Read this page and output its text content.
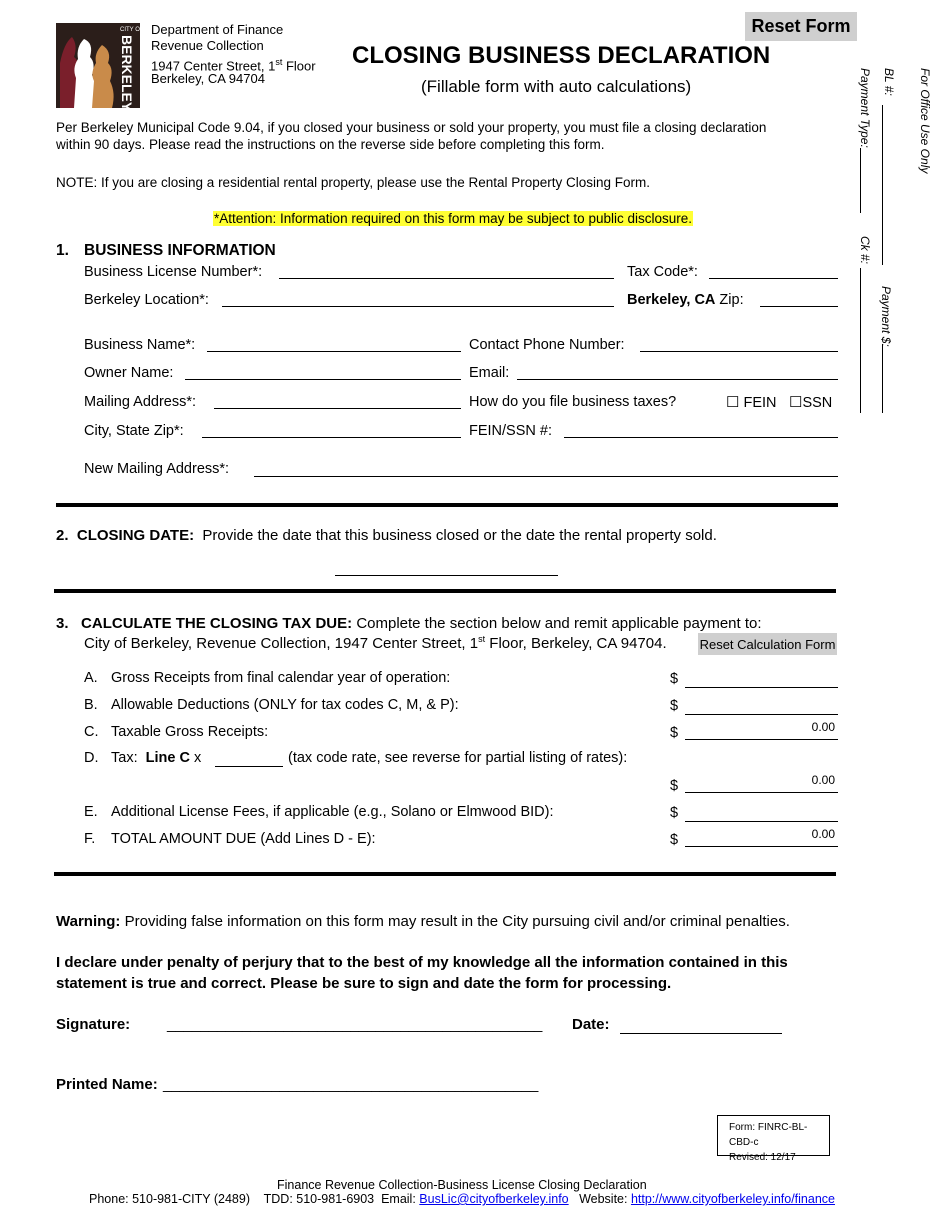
CITY OF
BERKELEY
Department of Finance
Revenue Collection
1947 Center Street, 1st Floor
Berkeley, CA 94704
Reset Form
CLOSING BUSINESS DECLARATION
(Fillable form with auto calculations)	For Office Use Only
BL #:
Payment Type:
Ck #:
Payment $:
Per Berkeley Municipal Code 9.04, if you closed your business or sold your property, you must file a closing declaration
within 90 days. Please read the instructions on the reverse side before completing this form.
NOTE: If you are closing a residential rental property, please use the Rental Property Closing Form.
*Attention: Information required on this form may be subject to public disclosure.
1. BUSINESS INFORMATION
Business License Number*:	Tax Code*:
Berkeley Location*:	Berkeley, CA Zip:
Business Name*:	Contact Phone Number:
Owner Name:	Email:
Mailing Address*:	How do you file business taxes?	☐ FEIN ☐SSN
City, State Zip*:	FEIN/SSN #:
New Mailing Address*:
2. CLOSING DATE: Provide the date that this business closed or the date the rental property sold.
3. CALCULATE THE CLOSING TAX DUE: Complete the section below and remit applicable payment to:
City of Berkeley, Revenue Collection, 1947 Center Street, 1st Floor, Berkeley, CA 94704.	Reset Calculation Form
A. Gross Receipts from final calendar year of operation:	$
B. Allowable Deductions (ONLY for tax codes C, M, & P):	$
C. Taxable Gross Receipts:	$	0.00
D. Tax: Line C x	(tax code rate, see reverse for partial listing of rates):
$	0.00
E. Additional License Fees, if applicable (e.g., Solano or Elmwood BID):	$
F. TOTAL AMOUNT DUE (Add Lines D - E):	$	0.00
Warning: Providing false information on this form may result in the City pursuing civil and/or criminal penalties.
I declare under penalty of perjury that to the best of my knowledge all the information contained in this
statement is true and correct. Please be sure to sign and date the form for processing.
Signature: _____________________________________________ Date:
Printed Name: _____________________________________________
Form: FINRC-BL-CBD-c
Revised: 12/17
Finance Revenue Collection-Business License Closing Declaration
Phone: 510-981-CITY (2489)    TDD: 510-981-6903  Email: BusLic@cityofberkeley.info Website: http://www.cityofberkeley.info/finance
